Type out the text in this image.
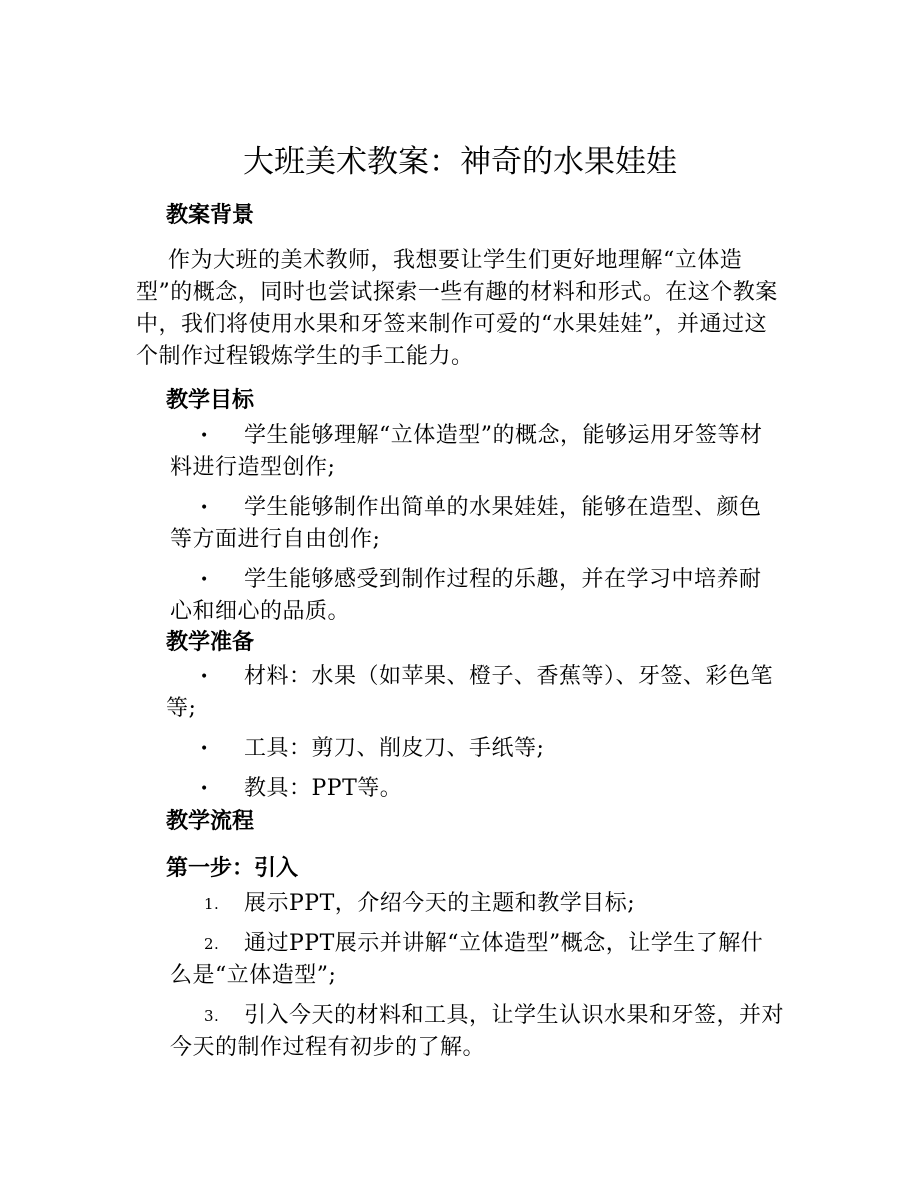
大班美术教案：神奇的水果娃娃
教案背景

作为大班的美术教师，我想要让学生们更好地理解“立体造型”的概念，同时也尝试探索一些有趣的材料和形式。在这个教案中，我们将使用水果和牙签来制作可爱的“水果娃娃”，并通过这个制作过程锻炼学生的手工能力。

教学目标
•	学生能够理解“立体造型”的概念，能够运用牙签等材料进行造型创作;
•	学生能够制作出简单的水果娃娃，能够在造型、颜色等方面进行自由创作;
•	学生能够感受到制作过程的乐趣，并在学习中培养耐心和细心的品质。
教学准备
•	材料：水果（如苹果、橙子、香蕉等）、牙签、彩色笔等;
•	工具：剪刀、削皮刀、手纸等;
•	教具：PPT等。
教学流程
第一步：引入
1.	展示PPT，介绍今天的主题和教学目标;
2.	通过PPT展示并讲解“立体造型”概念，让学生了解什么是“立体造型”;
3.	引入今天的材料和工具，让学生认识水果和牙签，并对今天的制作过程有初步的了解。
